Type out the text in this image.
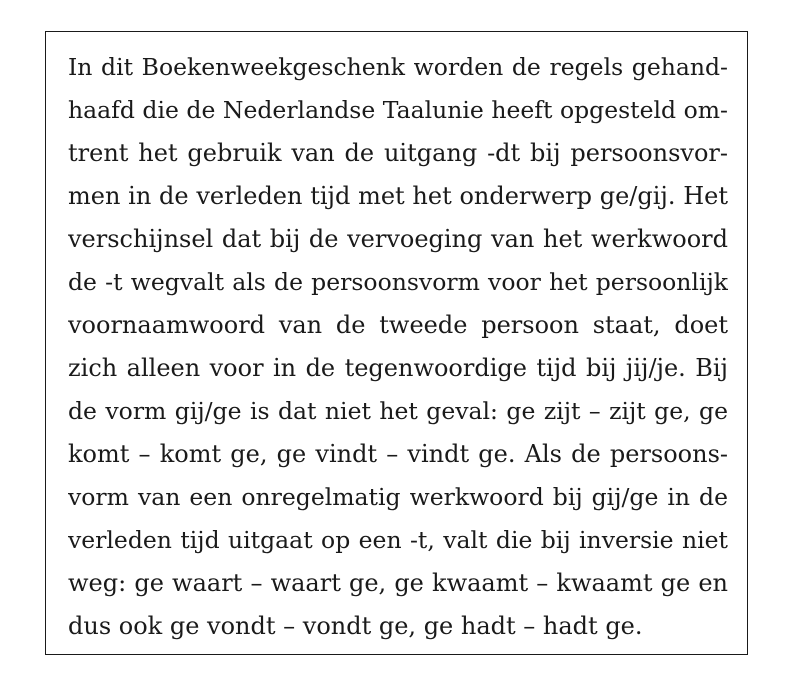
In dit Boekenweekgeschenk worden de regels gehand-
haafd die de Nederlandse Taalunie heeft opgesteld om-
trent het gebruik van de uitgang -dt bij persoonsvor-
men in de verleden tijd met het onderwerp ge/gij. Het
verschijnsel dat bij de vervoeging van het werkwoord
de -t wegvalt als de persoonsvorm voor het persoonlijk
voornaamwoord van de tweede persoon staat, doet
zich alleen voor in de tegenwoordige tijd bij jij/je. Bij
de vorm gij/ge is dat niet het geval: ge zijt – zijt ge, ge
komt – komt ge, ge vindt – vindt ge. Als de persoons-
vorm van een onregelmatig werkwoord bij gij/ge in de
verleden tijd uitgaat op een -t, valt die bij inversie niet
weg: ge waart – waart ge, ge kwaamt – kwaamt ge en
dus ook ge vondt – vondt ge, ge hadt – hadt ge.
